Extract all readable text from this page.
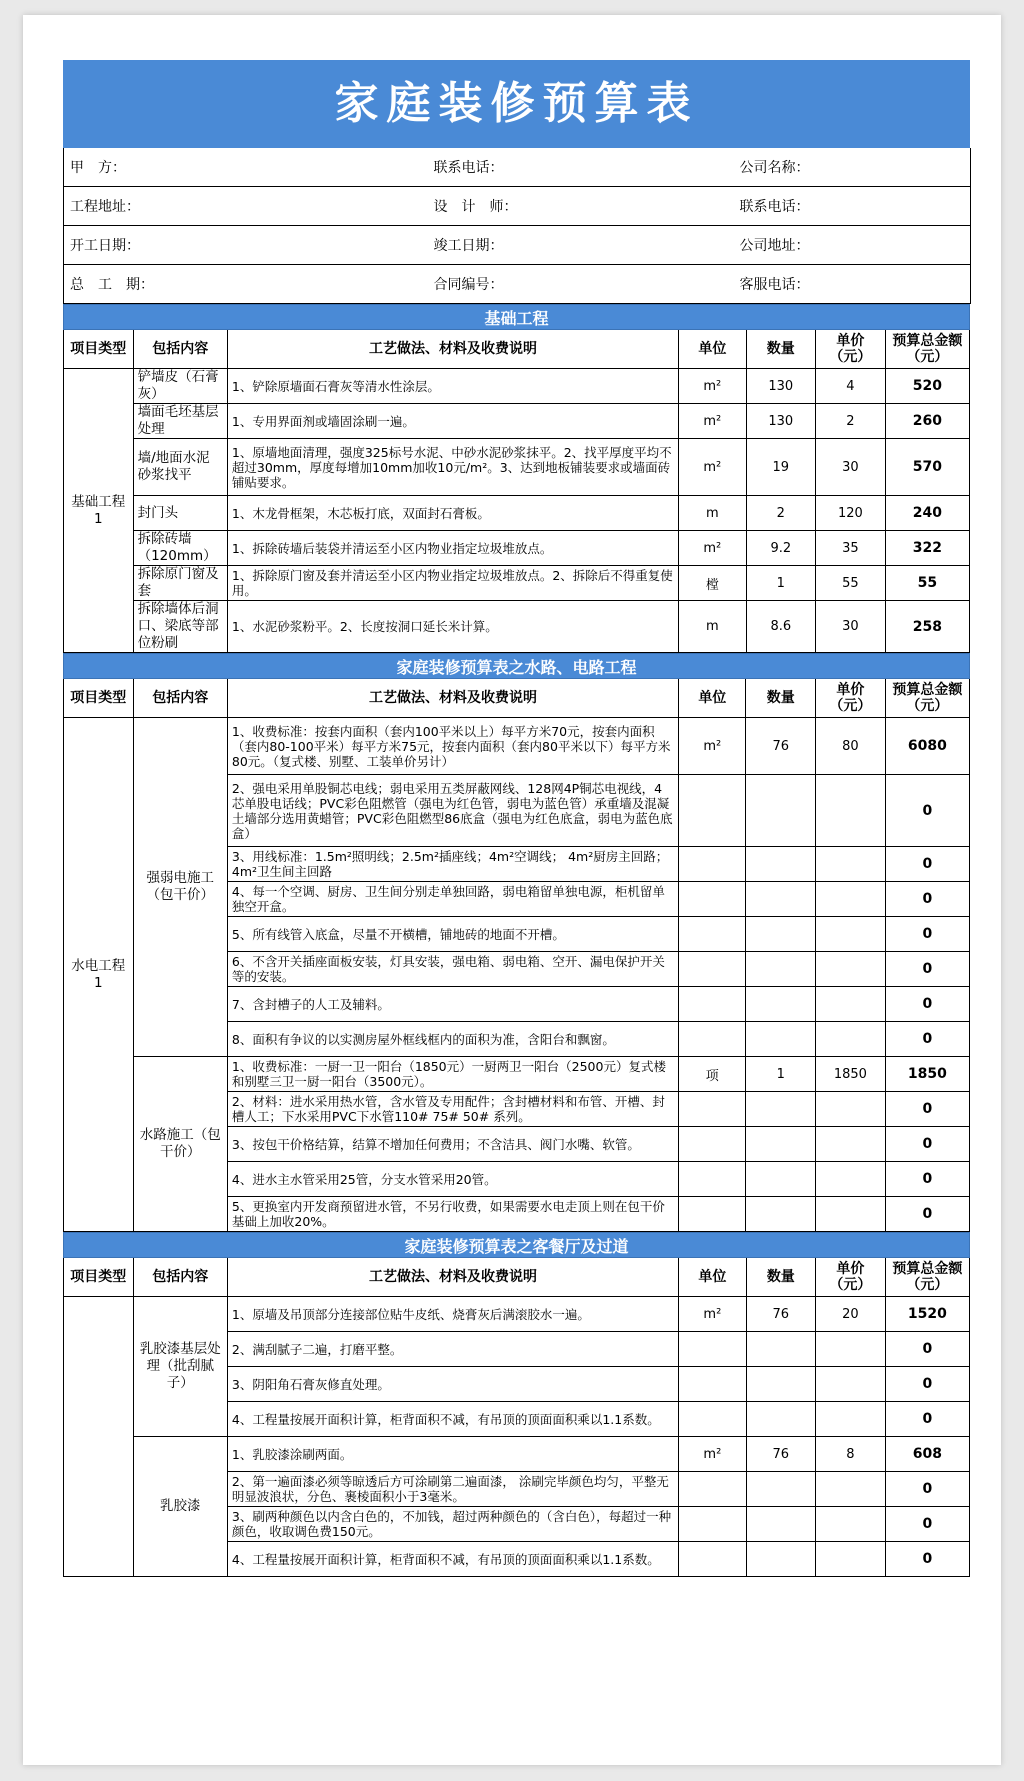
家庭装修预算表
甲　方：	联系电话：	公司名称：
工程地址：	设　计　师：	联系电话：
开工日期：	竣工日期：	公司地址：
总　工　期：	合同编号：	客服电话：
基础工程						
项目类型	包括内容	工艺做法、材料及收费说明	单位	数量	单价（元）	预算总金额（元）
基础工程1	铲墙皮（石膏灰）	1、铲除原墙面石膏灰等清水性涂层。	m²	130	4	520
	墙面毛坯基层处理	1、专用界面剂或墙固涂刷一遍。	m²	130	2	260
	墙/地面水泥砂浆找平	1、原墙地面清理，强度325标号水泥、中砂水泥砂浆抹平。2、找平厚度平均不超过30mm，厚度每增加10mm加收10元/m²。3、达到地板铺装要求或墙面砖铺贴要求。	m²	19	30	570
	封门头	1、木龙骨框架，木芯板打底，双面封石膏板。	m	2	120	240
	拆除砖墙（120mm）	1、拆除砖墙后装袋并清运至小区内物业指定垃圾堆放点。	m²	9.2	35	322
	拆除原门窗及套	1、拆除原门窗及套并清运至小区内物业指定垃圾堆放点。2、拆除后不得重复使用。	樘	1	55	55
	拆除墙体后洞口、梁底等部位粉刷	1、水泥砂浆粉平。2、长度按洞口延长米计算。	m	8.6	30	258
家庭装修预算表之水路、电路工程						
项目类型	包括内容	工艺做法、材料及收费说明	单位	数量	单价（元）	预算总金额（元）
水电工程1	强弱电施工（包干价）	1、收费标准：按套内面积（套内100平米以上）每平方米70元，按套内面积（套内80-100平米）每平方米75元，按套内面积（套内80平米以下）每平方米80元。（复式楼、别墅、工装单价另计）	m²	76	80	6080
		2、强电采用单股铜芯电线；弱电采用五类屏蔽网线、128网4P铜芯电视线，4芯单股电话线；PVC彩色阻燃管（强电为红色管，弱电为蓝色管）承重墙及混凝土墙部分选用黄蜡管；PVC彩色阻燃型86底盒（强电为红色底盒，弱电为蓝色底盒）				0
		3、用线标准：1.5m²照明线；2.5m²插座线；4m²空调线； 4m²厨房主回路；4m²卫生间主回路				0
		4、每一个空调、厨房、卫生间分别走单独回路，弱电箱留单独电源，柜机留单独空开盒。				0
		5、所有线管入底盒，尽量不开横槽，铺地砖的地面不开槽。				0
		6、不含开关插座面板安装，灯具安装，强电箱、弱电箱、空开、漏电保护开关等的安装。				0
		7、含封槽子的人工及辅料。				0
		8、面积有争议的以实测房屋外框线框内的面积为准，含阳台和飘窗。				0
	水路施工（包干价）	1、收费标准：一厨一卫一阳台（1850元）一厨两卫一阳台（2500元）复式楼和别墅三卫一厨一阳台（3500元）。	项	1	1850	1850
		2、材料：进水采用热水管，含水管及专用配件；含封槽材料和布管、开槽、封槽人工；下水采用PVC下水管110# 75# 50# 系列。				0
		3、按包干价格结算，结算不增加任何费用；不含洁具、阀门水嘴、软管。				0
		4、进水主水管采用25管，分支水管采用20管。				0
		5、更换室内开发商预留进水管，不另行收费，如果需要水电走顶上则在包干价基础上加收20%。				0
家庭装修预算表之客餐厅及过道						
项目类型	包括内容	工艺做法、材料及收费说明	单位	数量	单价（元）	预算总金额（元）
	乳胶漆基层处理（批刮腻子）	1、原墙及吊顶部分连接部位贴牛皮纸、烧膏灰后满滚胶水一遍。	m²	76	20	1520
		2、满刮腻子二遍，打磨平整。				0
		3、阴阳角石膏灰修直处理。				0
		4、工程量按展开面积计算，柜背面积不减，有吊顶的顶面面积乘以1.1系数。				0
	乳胶漆	1、乳胶漆涂刷两面。	m²	76	8	608
		2、第一遍面漆必须等晾透后方可涂刷第二遍面漆， 涂刷完毕颜色均匀，平整无明显波浪状，分色、裹棱面积小于3毫米。				0
		3、刷两种颜色以内含白色的，不加钱，超过两种颜色的（含白色），每超过一种颜色，收取调色费150元。				0
		4、工程量按展开面积计算，柜背面积不减，有吊顶的顶面面积乘以1.1系数。				0
